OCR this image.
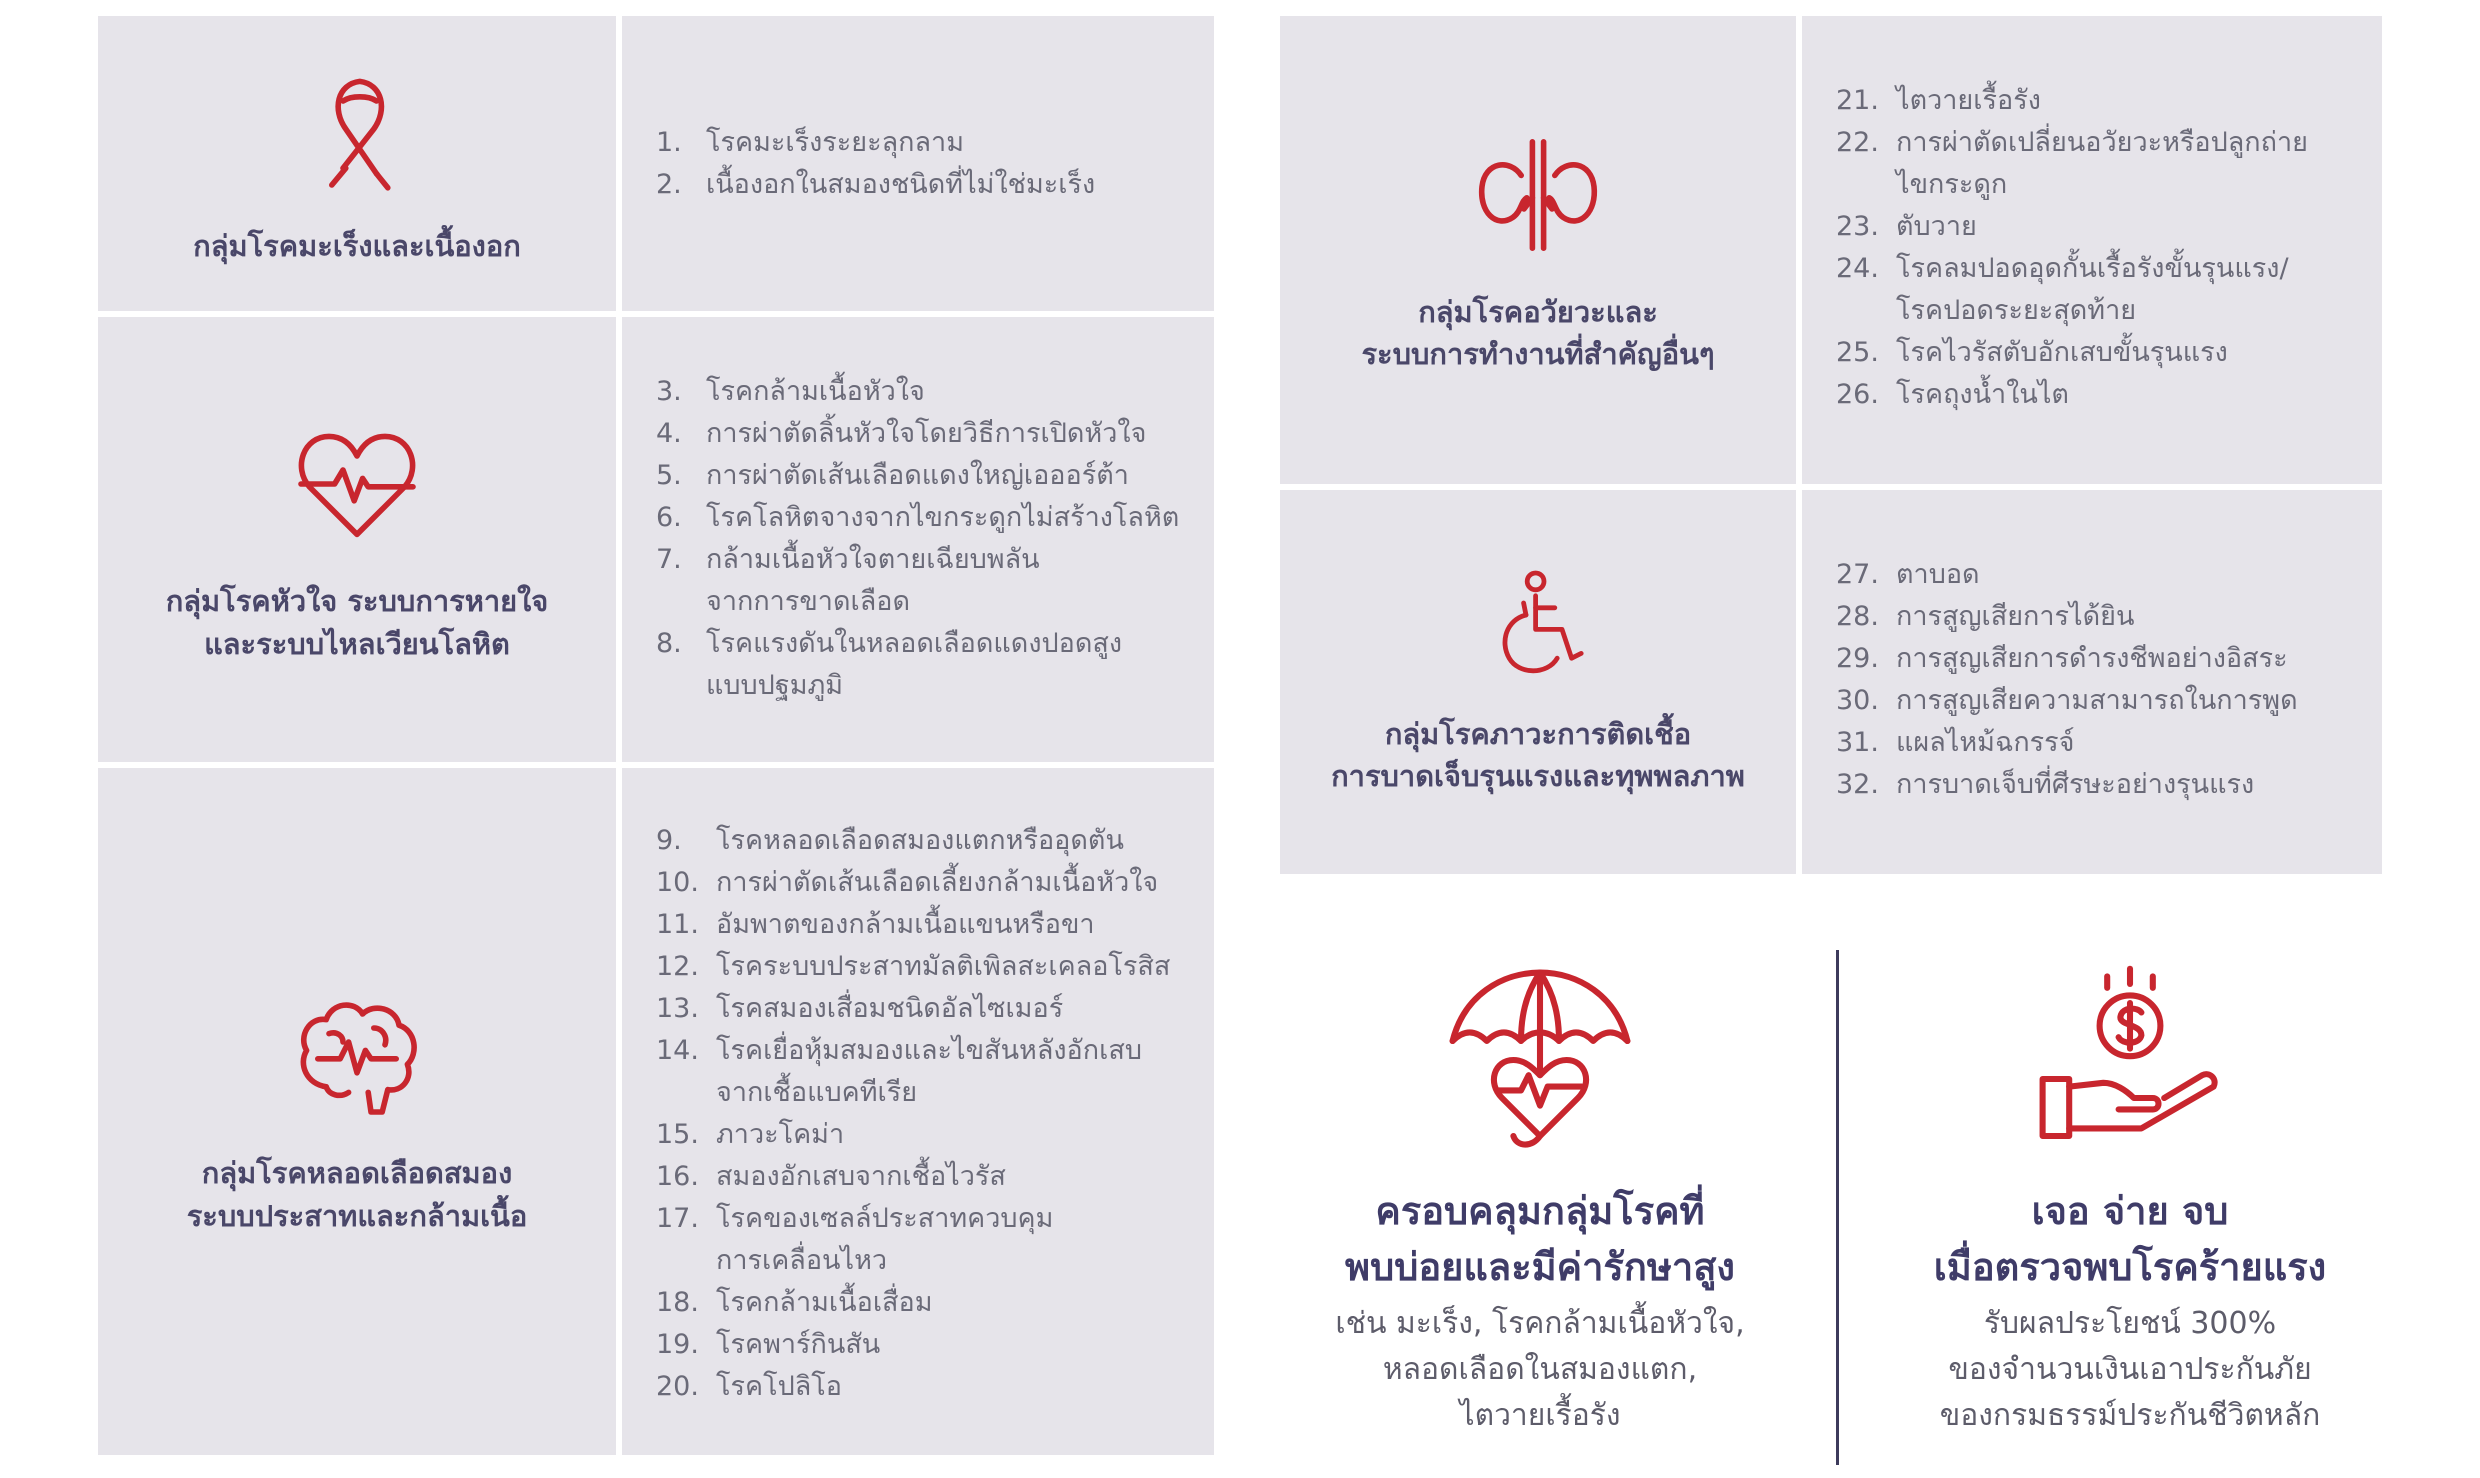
กลุ่มโรคมะเร็งและเนื้องอก
1. โรคมะเร็งระยะลุกลาม
2. เนื้องอกในสมองชนิดที่ไม่ใช่มะเร็ง
กลุ่มโรคหัวใจ ระบบการหายใจ
และระบบไหลเวียนโลหิต
3. โรคกล้ามเนื้อหัวใจ
4. การผ่าตัดลิ้นหัวใจโดยวิธีการเปิดหัวใจ
5. การผ่าตัดเส้นเลือดแดงใหญ่เอออร์ต้า
6. โรคโลหิตจางจากไขกระดูกไม่สร้างโลหิต
7. กล้ามเนื้อหัวใจตายเฉียบพลัน
จากการขาดเลือด
8. โรคแรงดันในหลอดเลือดแดงปอดสูง
แบบปฐมภูมิ
กลุ่มโรคหลอดเลือดสมอง
ระบบประสาทและกล้ามเนื้อ
9.	โรคหลอดเลือดสมองแตกหรืออุดตัน
10. การผ่าตัดเส้นเลือดเลี้ยงกล้ามเนื้อหัวใจ
11. อัมพาตของกล้ามเนื้อแขนหรือขา
12. โรคระบบประสาทมัลติเพิลสะเคลอโรสิส
13. โรคสมองเสื่อมชนิดอัลไซเมอร์
14. โรคเยื่อหุ้มสมองและไขสันหลังอักเสบ
จากเชื้อแบคทีเรีย
15. ภาวะโคม่า
16. สมองอักเสบจากเชื้อไวรัส
17. โรคของเซลล์ประสาทควบคุม
การเคลื่อนไหว
18. โรคกล้ามเนื้อเสื่อม
19. โรคพาร์กินสัน
20. โรคโปลิโอ
กลุ่มโรคอวัยวะและ
ระบบการทำงานที่สำคัญอื่นๆ
21. ไตวายเรื้อรัง
22. การผ่าตัดเปลี่ยนอวัยวะหรือปลูกถ่าย
ไขกระดูก
23. ตับวาย
24. โรคลมปอดอุดกั้นเรื้อรังขั้นรุนแรง/
โรคปอดระยะสุดท้าย
25. โรคไวรัสตับอักเสบขั้นรุนแรง
26. โรคถุงน้ำในไต
กลุ่มโรคภาวะการติดเชื้อ
การบาดเจ็บรุนแรงและทุพพลภาพ
27. ตาบอด
28. การสูญเสียการได้ยิน
29. การสูญเสียการดำรงชีพอย่างอิสระ
30. การสูญเสียความสามารถในการพูด
31. แผลไหม้ฉกรรจ์
32. การบาดเจ็บที่ศีรษะอย่างรุนแรง
ครอบคลุมกลุ่มโรคที่
พบบ่อยและมีค่ารักษาสูง
เช่น มะเร็ง, โรคกล้ามเนื้อหัวใจ,
หลอดเลือดในสมองแตก,
ไตวายเรื้อรัง
เจอ จ่าย จบ
เมื่อตรวจพบโรคร้ายแรง
รับผลประโยชน์ 300%
ของจำนวนเงินเอาประกันภัย
ของกรมธรรม์ประกันชีวิตหลัก
